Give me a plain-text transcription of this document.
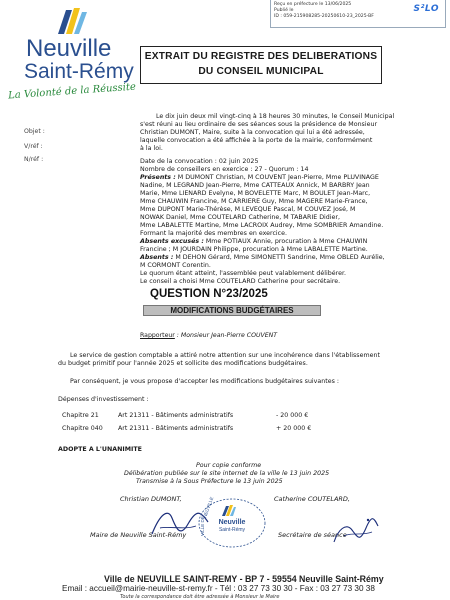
Reçu en préfecture le 13/06/2025
Publié le
ID : 059-215908285-20250610-23_2025-BF
S²LO
Neuville
Saint-Rémy
La Volonté de la Réussite
Objet :
V/réf :
N/réf :
EXTRAIT DU REGISTRE DES DELIBERATIONS
DU CONSEIL MUNICIPAL
Le dix juin deux mil vingt-cinq à 18 heures 30 minutes, le Conseil Municipal
s'est réuni au lieu ordinaire de ses séances sous la présidence de Monsieur
Christian DUMONT, Maire, suite à la convocation qui lui a été adressée,
laquelle convocation a été affichée à la porte de la mairie, conformément
à la loi.
Date de la convocation : 02 juin 2025
Nombre de conseillers en exercice : 27 - Quorum : 14
Présents : M DUMONT Christian, M COUVENT Jean-Pierre, Mme PLUVINAGE
Nadine, M LEGRAND Jean-Pierre, Mme CATTEAUX Annick, M BARBRY Jean
Marie, Mme LIENARD Evelyne, M BOVELETTE Marc, M BOULET Jean-Marc,
Mme CHAUWIN Francine, M CARRIERE Guy, Mme MAGERE Marie-France,
Mme DUPONT Marie-Thérèse, M LEVEQUE Pascal, M COUVEZ José, M
NOWAK Daniel, Mme COUTELARD Catherine, M TABARIE Didier,
Mme LABALETTE Martine, Mme LACROIX Audrey, Mme SOMBRIER Amandine.
Formant la majorité des membres en exercice.
Absents excusés : Mme POTIAUX Annie, procuration à Mme CHAUWIN
Francine ; M JOURDAIN Philippe, procuration à Mme LABALETTE Martine.
Absents : M DEHON Gérard, Mme SIMONETTI Sandrine, Mme OBLED Aurélie,
M CORMONT Corentin.
Le quorum étant atteint, l'assemblée peut valablement délibérer.
Le conseil a choisi Mme COUTELARD Catherine pour secrétaire.
QUESTION N°23/2025
MODIFICATIONS BUDGÉTAIRES
Rapporteur : Monsieur Jean-Pierre COUVENT
Le service de gestion comptable a attiré notre attention sur une incohérence dans l'établissement
du budget primitif pour l'année 2025 et sollicite des modifications budgétaires.
Par conséquent, je vous propose d'accepter les modifications budgétaires suivantes :
Dépenses d'investissement :
Chapitre 21	Art 21311 - Bâtiments administratifs	- 20 000 €
Chapitre 040 Art 21311 - Bâtiments administratifs	+ 20 000 €
ADOPTE A L'UNANIMITE
Pour copie conforme
Délibération publiée sur le site internet de la ville le 13 juin 2025
Transmise à la Sous Préfecture le 13 juin 2025
Christian DUMONT,	Catherine COUTELARD,
Maire de Neuville Saint-Rémy	Secrétaire de séance
Neuville
Saint-Rémy
NEUVILLE
VILLE DE
Ville de NEUVILLE SAINT-REMY - BP 7 - 59554 Neuville Saint-Rémy
Email : accueil@mairie-neuville-st-remy.fr - Tél : 03 27 73 30 30 - Fax : 03 27 73 30 38
Toute la correspondance doit être adressée à Monsieur le Maire
